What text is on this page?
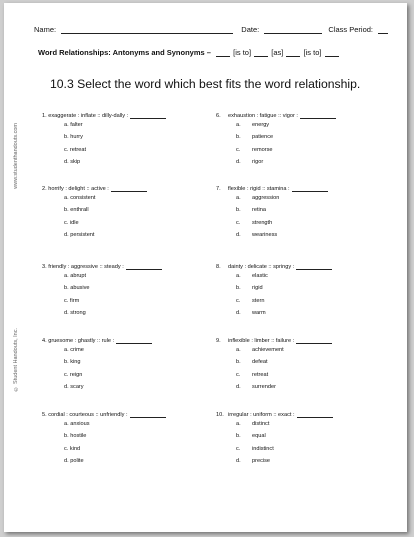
Name:	Date:	Class Period:
Word Relationships: Antonyms and Synonyms –	[is to]	[as]	[is to]
10.3 Select the word which best fits the word relationship.
www.studenthandouts.com
© Student Handouts, Inc.
1. exaggerate : inflate :: dilly-dally :
a. falter
b. hurry
c. retreat
d. skip
2. horrify : delight :: active :
a. consistent
b. enthrall
c. idle
d. persistent
3. friendly : aggressive :: steady :
a. abrupt
b. abusive
c. firm
d. strong
4. gruesome : ghastly :: rule :
a. crime
b. king
c. reign
d. scary
5. cordial : courteous :: unfriendly :
a. anxious
b. hostile
c. kind
d. polite
6. exhaustion : fatigue :: vigor :
a. energy
b. patience
c. remorse
d. rigor
7. flexible : rigid :: stamina :
a. aggression
b. retina
c. strength
d. weariness
8. dainty : delicate :: springy :
a. elastic
b. rigid
c. stern
d. warm
9. inflexible : limber :: failure :
a. achievement
b. defeat
c. retreat
d. surrender
10. irregular : uniform :: exact :
a. distinct
b. equal
c. indistinct
d. precise
